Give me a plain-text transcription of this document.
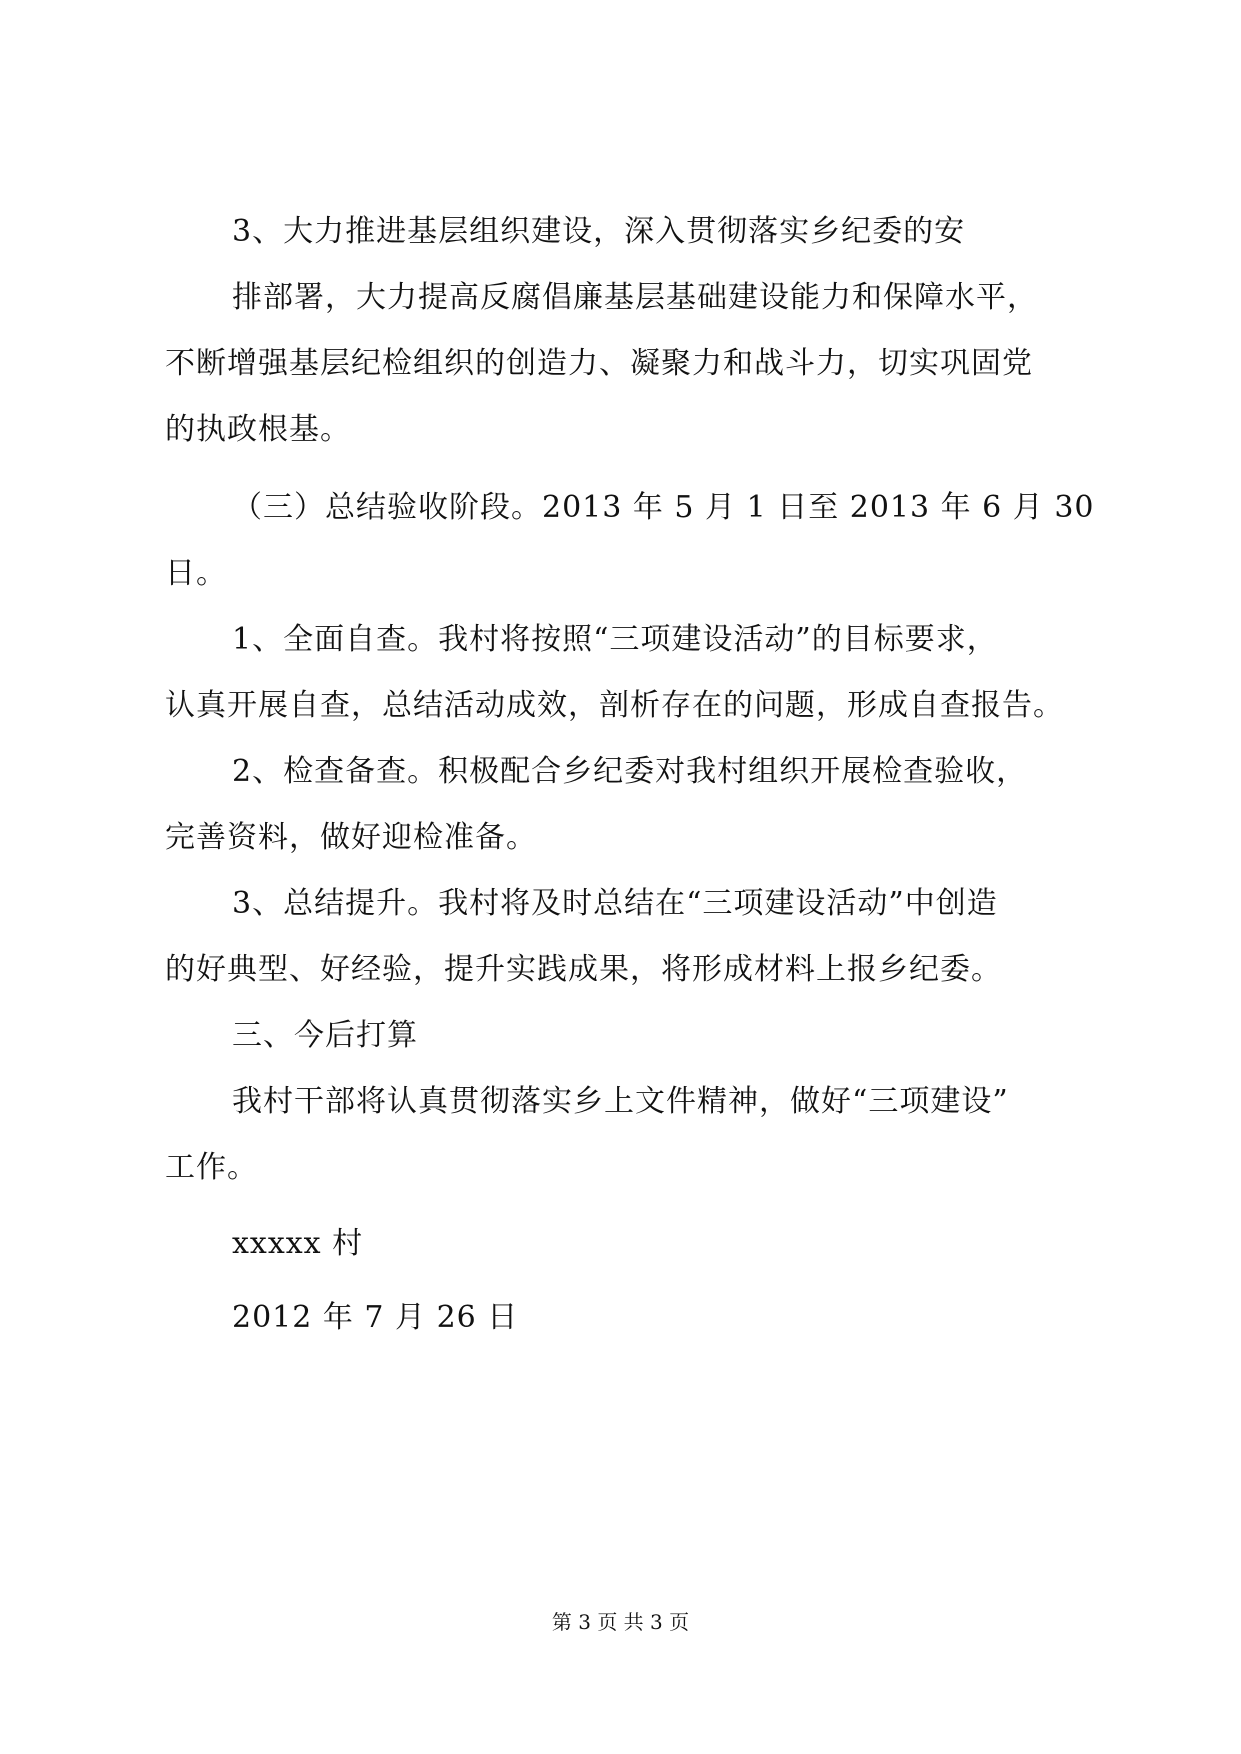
3、大力推进基层组织建设，深入贯彻落实乡纪委的安
排部署，大力提高反腐倡廉基层基础建设能力和保障水平，
不断增强基层纪检组织的创造力、凝聚力和战斗力，切实巩固党
的执政根基。
（三）总结验收阶段。2013 年 5 月 1 日至 2013 年 6 月 30
日。
1、全面自查。我村将按照“三项建设活动”的目标要求，
认真开展自查，总结活动成效，剖析存在的问题，形成自查报告。
2、检查备查。积极配合乡纪委对我村组织开展检查验收，
完善资料，做好迎检准备。
3、总结提升。我村将及时总结在“三项建设活动”中创造
的好典型、好经验，提升实践成果，将形成材料上报乡纪委。
三、今后打算
我村干部将认真贯彻落实乡上文件精神，做好“三项建设”
工作。
xxxxx 村
2012 年 7 月 26 日
第 3 页 共 3 页
